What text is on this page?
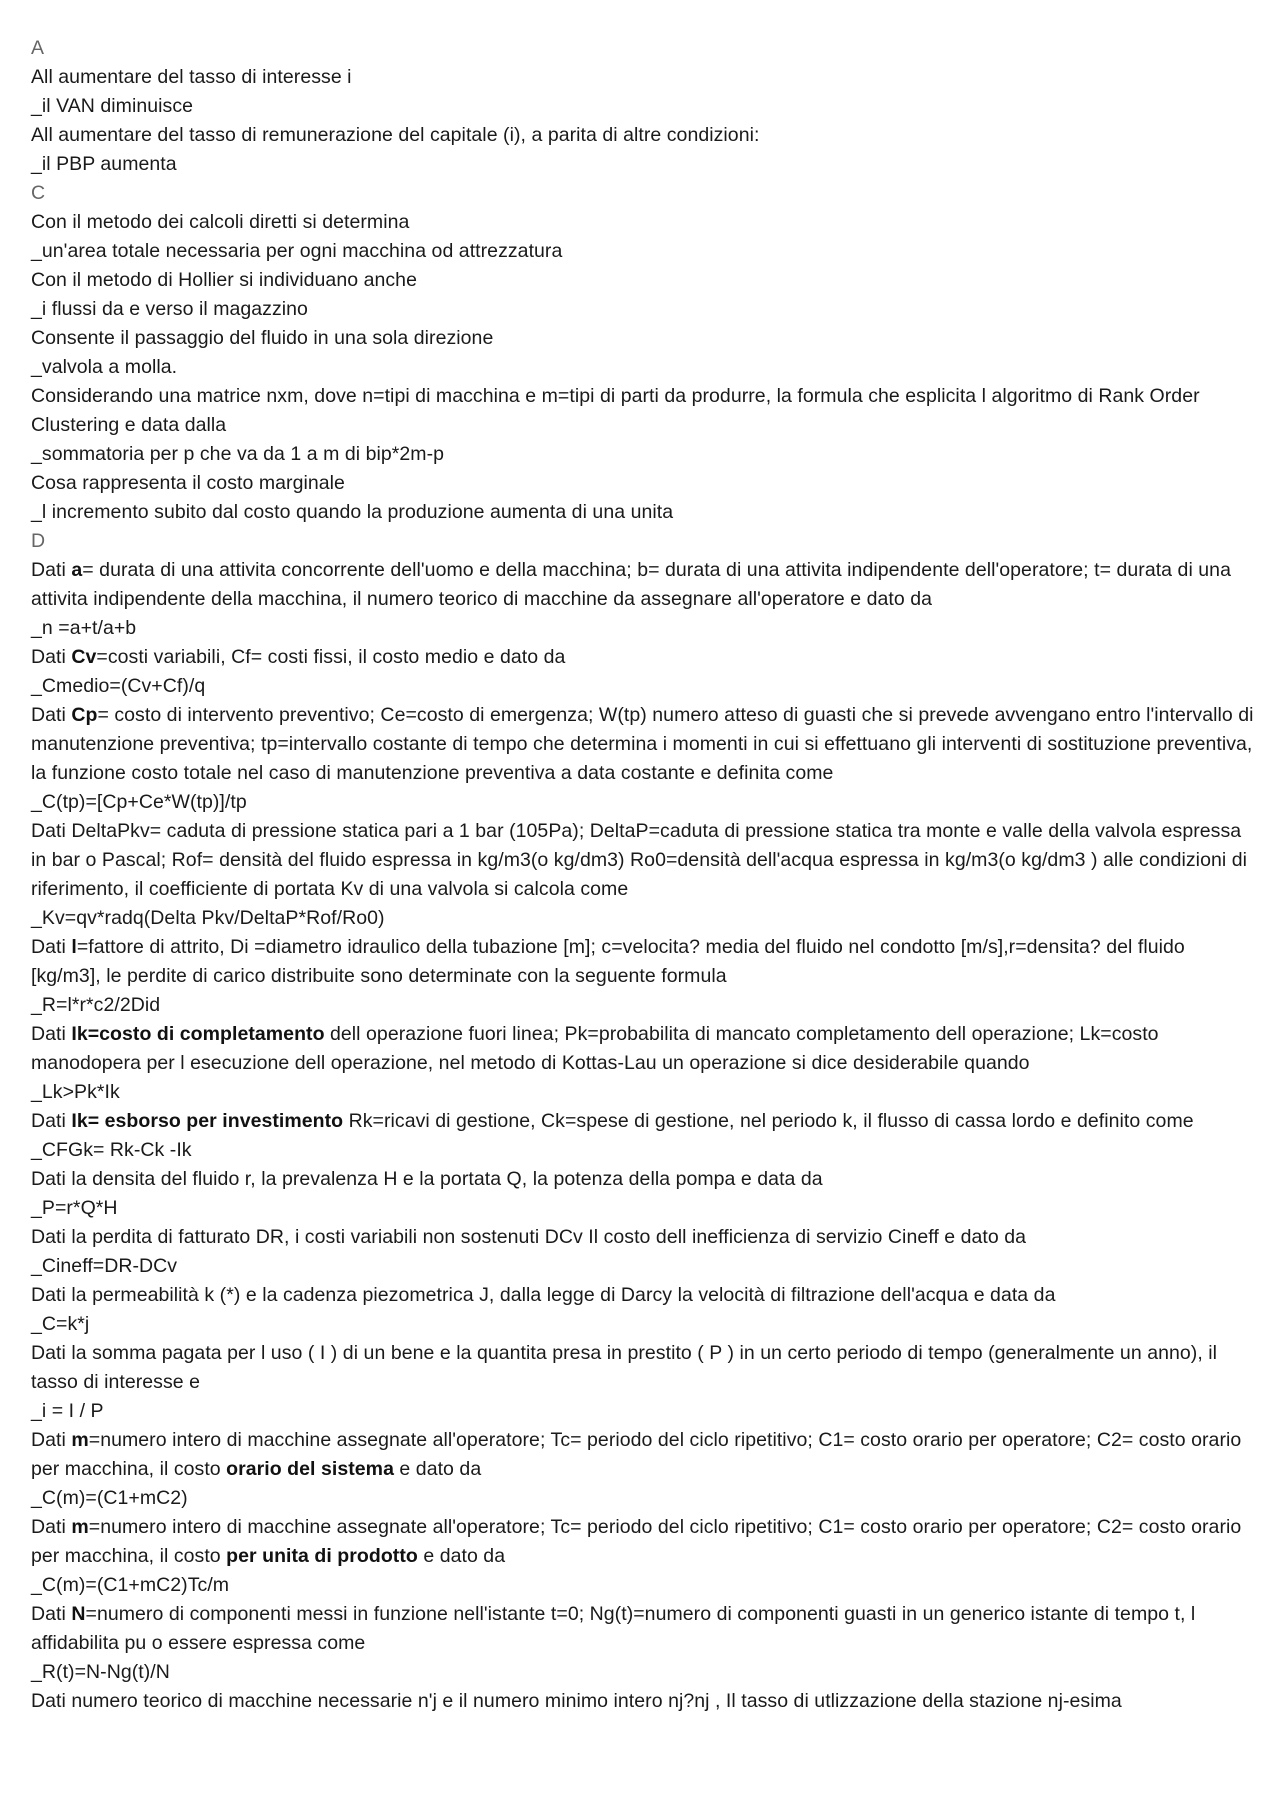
A
All aumentare del tasso di interesse i
_il VAN diminuisce
All aumentare del tasso di remunerazione del capitale (i), a parita di altre condizioni:
_il PBP aumenta
C
Con il metodo dei calcoli diretti si determina
_un'area totale necessaria per ogni macchina od attrezzatura
Con il metodo di Hollier si individuano anche
_i flussi da e verso il magazzino
Consente il passaggio del fluido in una sola direzione
_valvola a molla.
Considerando una matrice nxm, dove n=tipi di macchina e m=tipi di parti da produrre, la formula che esplicita l algoritmo di Rank Order Clustering e data dalla
_sommatoria per p che va da 1 a m di bip*2m-p
Cosa rappresenta il costo marginale
_l incremento subito dal costo quando la produzione aumenta di una unita
D
Dati a= durata di una attivita concorrente dell'uomo e della macchina; b= durata di una attivita indipendente dell'operatore; t= durata di una attivita indipendente della macchina, il numero teorico di macchine da assegnare all'operatore e dato da
_n =a+t/a+b
Dati Cv=costi variabili, Cf= costi fissi, il costo medio e dato da
_Cmedio=(Cv+Cf)/q
Dati Cp= costo di intervento preventivo; Ce=costo di emergenza; W(tp) numero atteso di guasti che si prevede avvengano entro l'intervallo di manutenzione preventiva; tp=intervallo costante di tempo che determina i momenti in cui si effettuano gli interventi di sostituzione preventiva, la funzione costo totale nel caso di manutenzione preventiva a data costante e definita come
_C(tp)=[Cp+Ce*W(tp)]/tp
Dati DeltaPkv= caduta di pressione statica pari a 1 bar (105Pa); DeltaP=caduta di pressione statica tra monte e valle della valvola espressa in bar o Pascal; Rof= densità del fluido espressa in kg/m3(o kg/dm3) Ro0=densità dell'acqua espressa in kg/m3(o kg/dm3 ) alle condizioni di riferimento, il coefficiente di portata Kv di una valvola si calcola come
_Kv=qv*radq(Delta Pkv/DeltaP*Rof/Ro0)
Dati l=fattore di attrito, Di =diametro idraulico della tubazione [m]; c=velocita? media del fluido nel condotto [m/s],r=densita? del fluido [kg/m3], le perdite di carico distribuite sono determinate con la seguente formula
_R=l*r*c2/2Did
Dati Ik=costo di completamento dell operazione fuori linea; Pk=probabilita di mancato completamento dell operazione; Lk=costo manodopera per l esecuzione dell operazione, nel metodo di Kottas-Lau un operazione si dice desiderabile quando
_Lk>Pk*Ik
Dati Ik= esborso per investimento Rk=ricavi di gestione, Ck=spese di gestione, nel periodo k, il flusso di cassa lordo e definito come
_CFGk= Rk-Ck -Ik
Dati la densita del fluido r, la prevalenza H e la portata Q, la potenza della pompa e data da
_P=r*Q*H
Dati la perdita di fatturato DR, i costi variabili non sostenuti DCv Il costo dell inefficienza di servizio Cineff e dato da
_Cineff=DR-DCv
Dati la permeabilità k (*) e la cadenza piezometrica J, dalla legge di Darcy la velocità di filtrazione dell'acqua e data da
_C=k*j
Dati la somma pagata per l uso ( I ) di un bene e la quantita presa in prestito ( P ) in un certo periodo di tempo (generalmente un anno), il tasso di interesse e
_i = I / P
Dati m=numero intero di macchine assegnate all'operatore; Tc= periodo del ciclo ripetitivo; C1= costo orario per operatore; C2= costo orario per macchina, il costo orario del sistema e dato da
_C(m)=(C1+mC2)
Dati m=numero intero di macchine assegnate all'operatore; Tc= periodo del ciclo ripetitivo; C1= costo orario per operatore; C2= costo orario per macchina, il costo per unita di prodotto e dato da
_C(m)=(C1+mC2)Tc/m
Dati N=numero di componenti messi in funzione nell'istante t=0; Ng(t)=numero di componenti guasti in un generico istante di tempo t, l affidabilita pu o essere espressa come
_R(t)=N-Ng(t)/N
Dati numero teorico di macchine necessarie n'j e il numero minimo intero nj?nj , Il tasso di utlizzazione della stazione nj-esima
